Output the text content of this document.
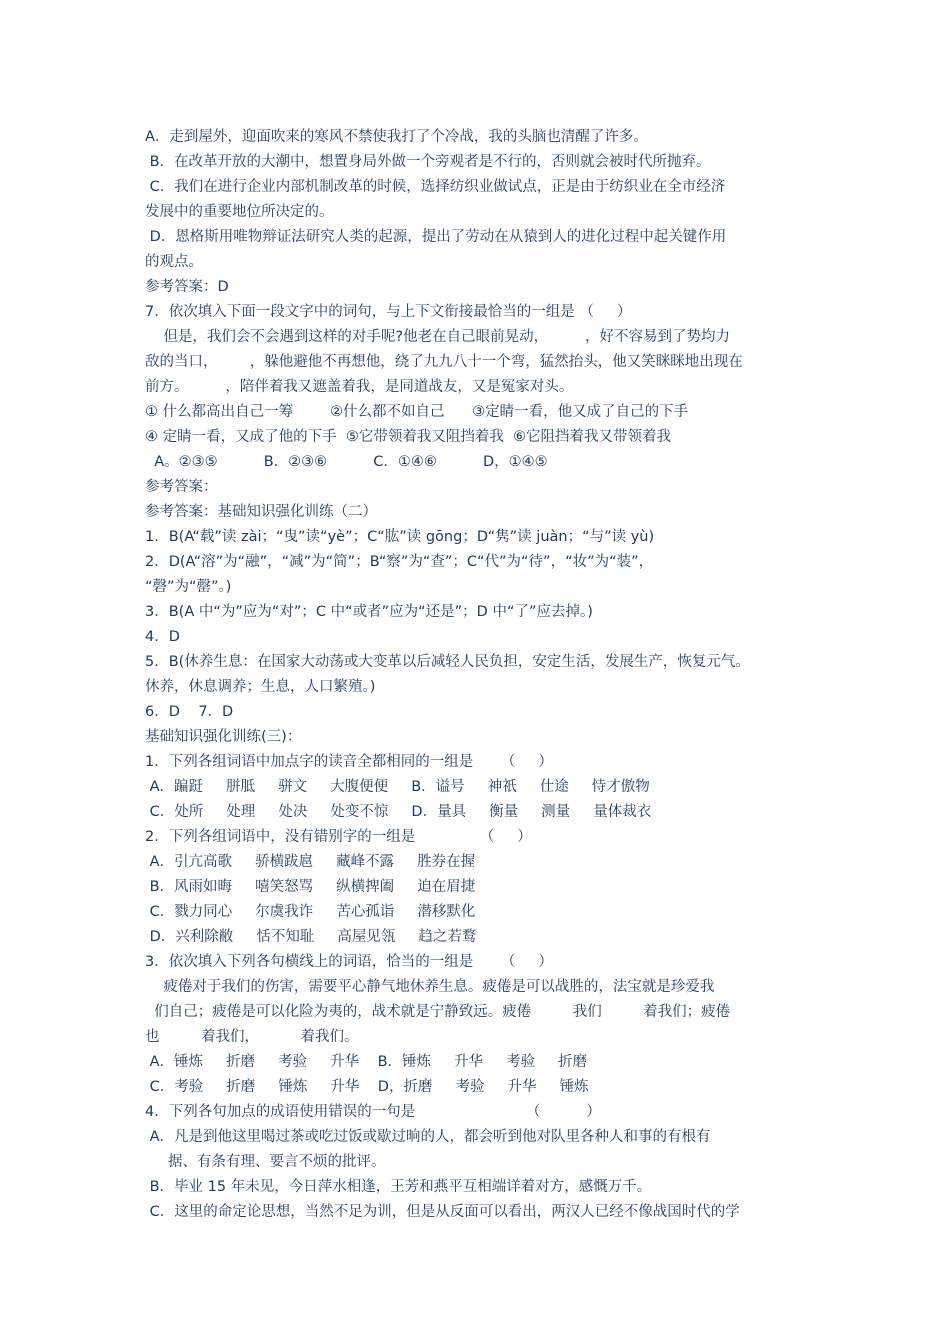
A．走到屋外，迎面吹来的寒风不禁使我打了个冷战，我的头脑也清醒了许多。
B．在改革开放的大潮中，想置身局外做一个旁观者是不行的，否则就会被时代所抛弃。
C．我们在进行企业内部机制改革的时候，选择纺织业做试点，正是由于纺织业在全市经济
发展中的重要地位所决定的。
D．恩格斯用唯物辩证法研究人类的起源，提出了劳动在从猿到人的进化过程中起关键作用
的观点。
参考答案：D
7．依次填入下面一段文字中的词句，与上下文衔接最恰当的一组是 （     ）
但是，我们会不会遇到这样的对手呢?他老在自己眼前晃动，        ，好不容易到了势均力
敌的当口，       ，躲他避他不再想他，绕了九九八十一个弯，猛然抬头，他又笑眯眯地出现在
前方。        ，陪伴着我又遮盖着我，是同道战友，又是冤家对头。
① 什么都高出自己一筹        ②什么都不如自己      ③定睛一看，他又成了自己的下手
④ 定睛一看，又成了他的下手  ⑤它带领着我又阻挡着我  ⑥它阻挡着我又带领着我
A。②③⑤          B．②③⑥          C．①④⑥          D，①④⑤
参考答案：
参考答案：基础知识强化训练（二）
1．B(A“载”读 zài；“曳”读“yè”；C“肱”读 gōng；D“隽”读 juàn；“与”读 yù)
2．D(A“溶”为“融”，“减”为“简”；B“察”为“查”；C“代”为“待”，“妆”为“装”，
“磬”为“罄”。)
3．B(A 中“为”应为“对”；C 中“或者”应为“还是”；D 中“了”应去掉。)
4．D
5．B(休养生息：在国家大动荡或大变革以后减轻人民负担，安定生活，发展生产，恢复元气。
休养，休息调养；生息，人口繁殖。)
6．D    7．D
基础知识强化训练(三)：
1．下列各组词语中加点字的读音全都相同的一组是      （     ）
A．蹁跹     胼胝     骈文     大腹便便     B．谥号     神祇     仕途     恃才傲物
C．处所     处理     处决     处变不惊     D．量具     衡量     测量     量体裁衣
2．下列各组词语中，没有错别字的一组是              （     ）
A．引亢高歌     骄横跋扈     藏峰不露     胜券在握
B．风雨如晦     嘻笑怒骂     纵横捭阖     迫在眉捷
C．戮力同心     尔虞我诈     苦心孤诣     潜移默化
D．兴利除敝     恬不知耻     高屋见瓴     趋之若鹜
3．依次填入下列各句横线上的词语，恰当的一组是      （     ）
疲倦对于我们的伤害，需要平心静气地休养生息。疲倦是可以战胜的，法宝就是珍爱我
们自己；疲倦是可以化险为夷的，战术就是宁静致远。疲倦         我们         着我们；疲倦
也         着我们，         着我们。
A．锤炼     折磨     考验     升华    B．锤炼     升华     考验     折磨
C．考验     折磨     锤炼     升华    D，折磨     考验     升华     锤炼
4．下列各句加点的成语使用错误的一句是                        （          ）
A．凡是到他这里喝过茶或吃过饭或歇过晌的人，都会听到他对队里各种人和事的有根有
据、有条有理、要言不烦的批评。
B．毕业 15 年未见，今日萍水相逢，王芳和燕平互相端详着对方，感慨万千。
C．这里的命定论思想，当然不足为训，但是从反面可以看出，两汉人已经不像战国时代的学
